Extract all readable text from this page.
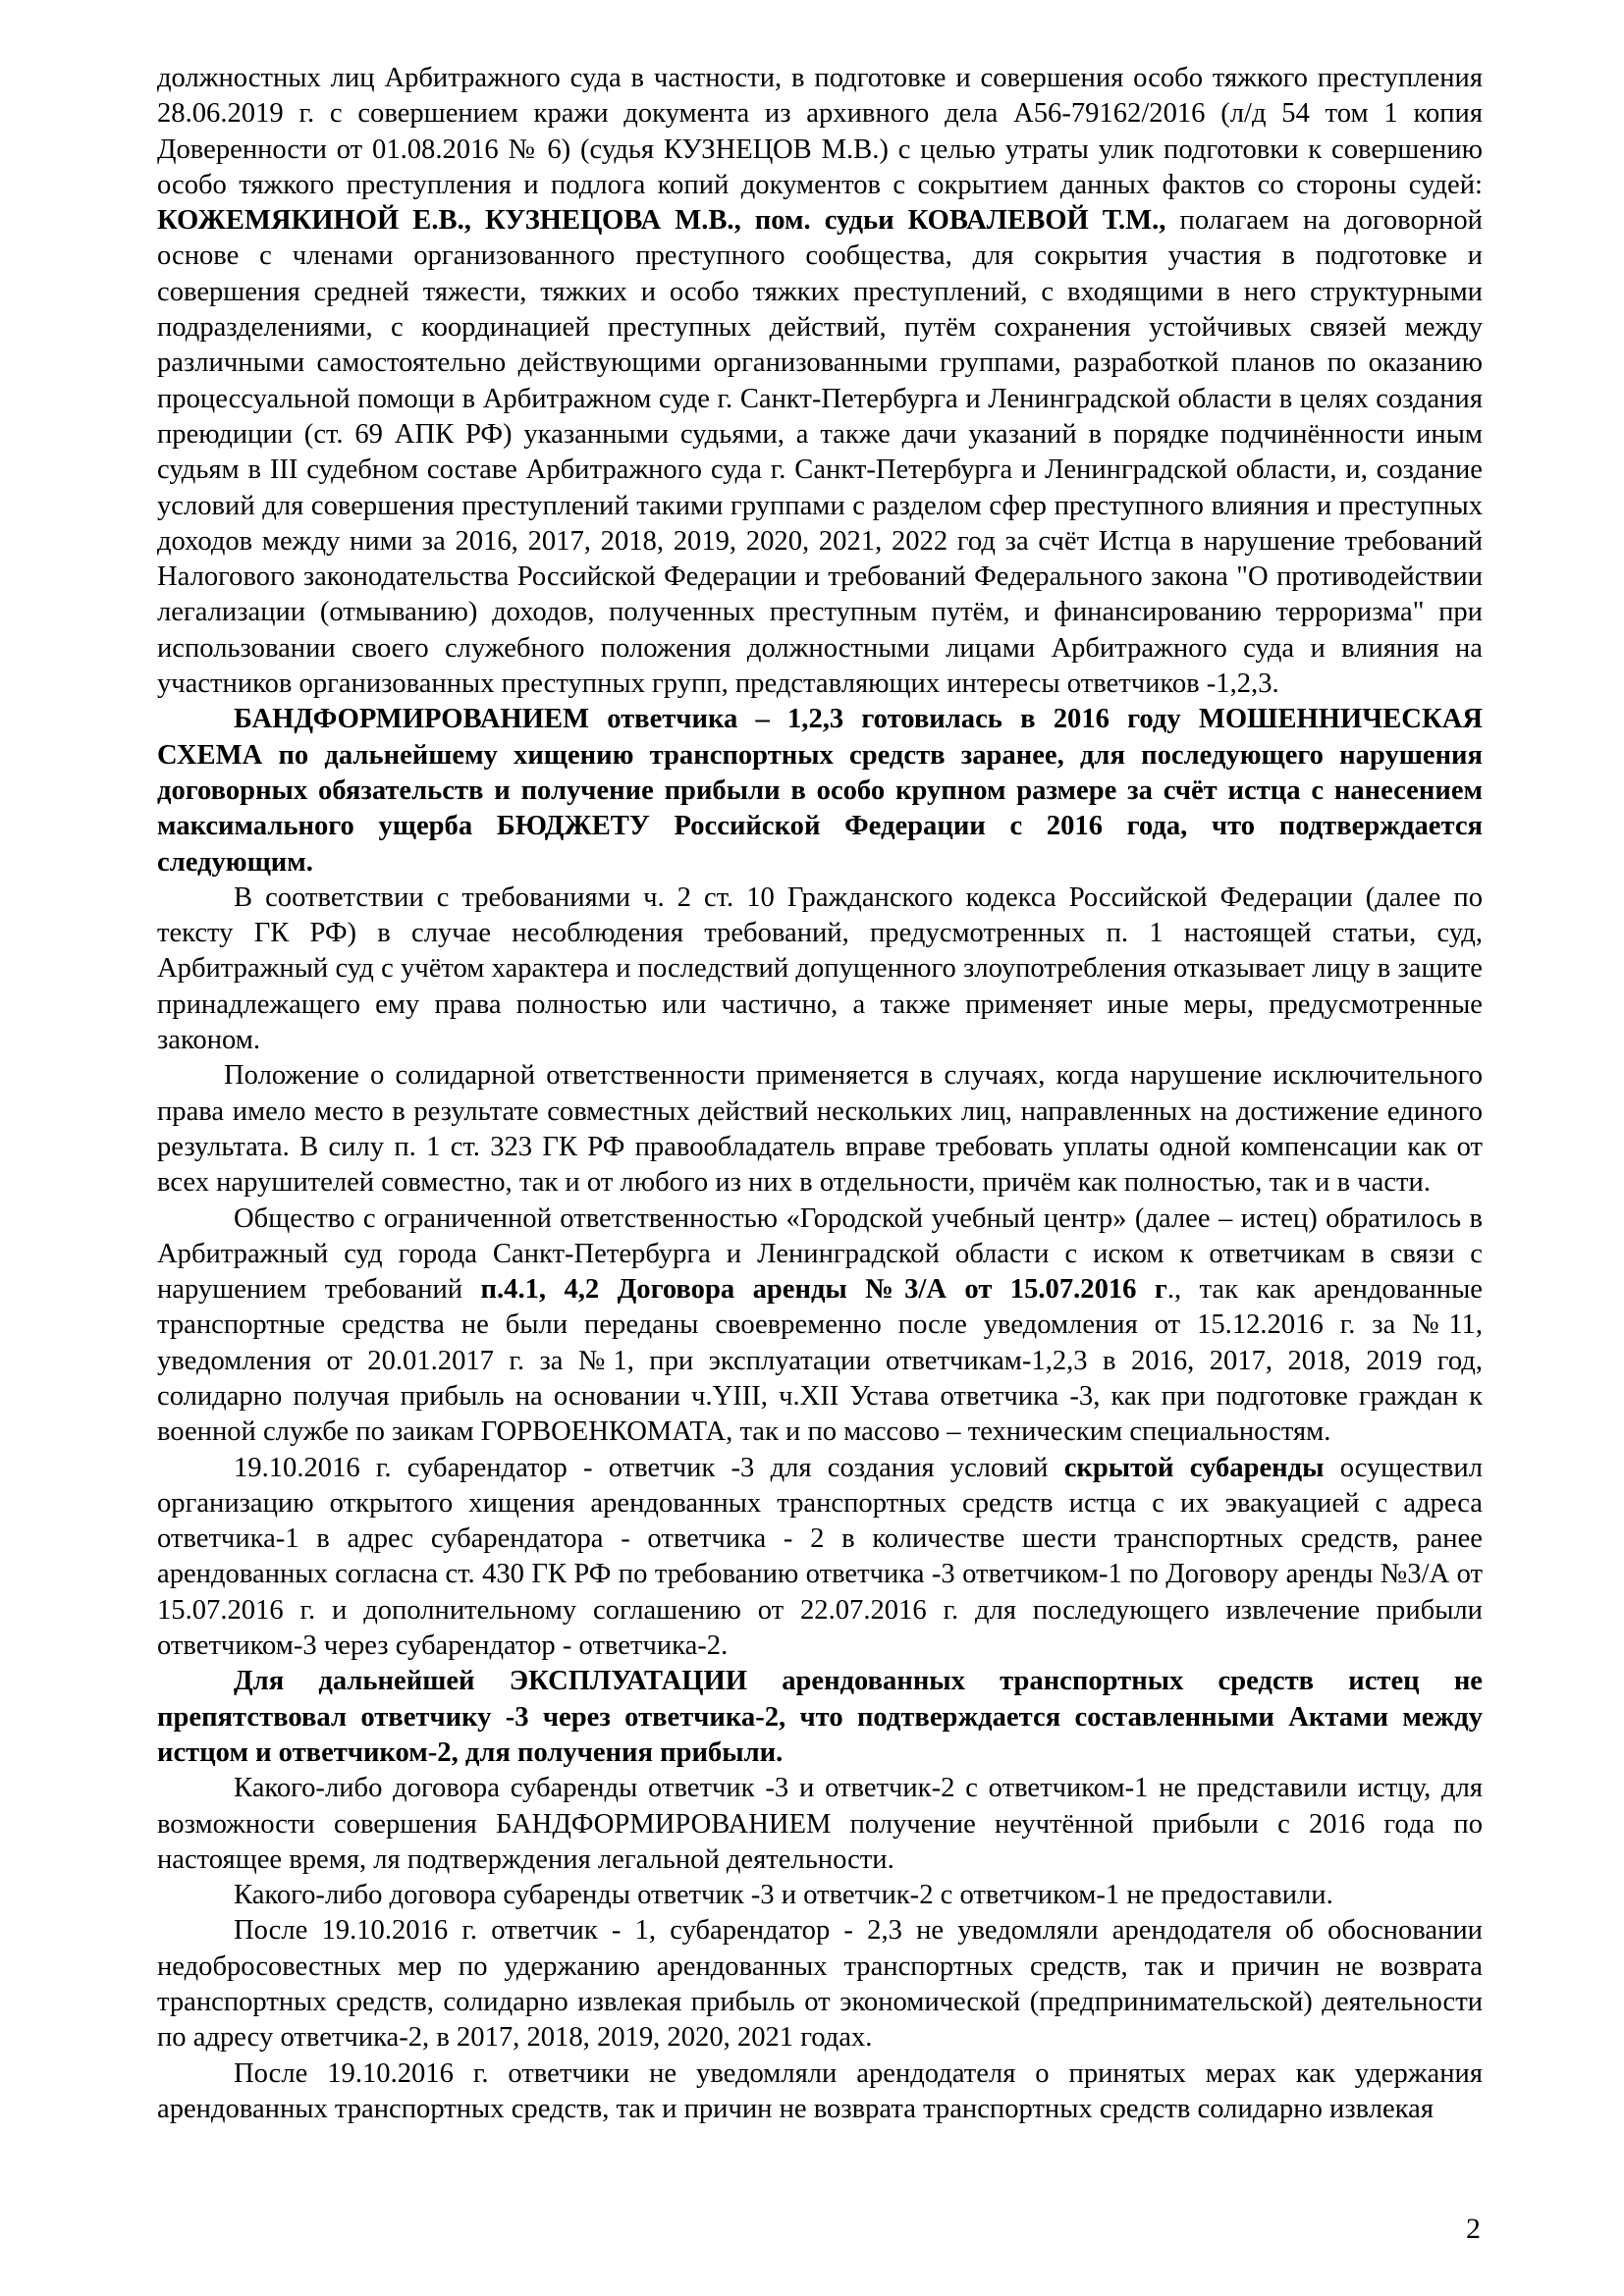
должностных лиц Арбитражного суда в частности, в подготовке и совершения особо тяжкого преступления 28.06.2019 г. с совершением кражи документа из архивного дела А56-79162/2016 (л/д 54 том 1 копия Доверенности от 01.08.2016 № 6) (судья КУЗНЕЦОВ М.В.) с целью утраты улик подготовки к совершению особо тяжкого преступления и подлога копий документов с сокрытием данных фактов со стороны судей: КОЖЕМЯКИНОЙ Е.В., КУЗНЕЦОВА М.В., пом. судьи КОВАЛЕВОЙ Т.М., полагаем на договорной основе с членами организованного преступного сообщества, для сокрытия участия в подготовке и совершения средней тяжести, тяжких и особо тяжких преступлений, с входящими в него структурными подразделениями, с координацией преступных действий, путём сохранения устойчивых связей между различными самостоятельно действующими организованными группами, разработкой планов по оказанию процессуальной помощи в Арбитражном суде г. Санкт-Петербурга и Ленинградской области в целях создания преюдиции (ст. 69 АПК РФ) указанными судьями, а также дачи указаний в порядке подчинённости иным судьям в III судебном составе Арбитражного суда г. Санкт-Петербурга и Ленинградской области, и, создание условий для совершения преступлений такими группами с разделом сфер преступного влияния и преступных доходов между ними за 2016, 2017, 2018, 2019, 2020, 2021, 2022 год за счёт Истца в нарушение требований Налогового законодательства Российской Федерации и требований Федерального закона "О противодействии легализации (отмыванию) доходов, полученных преступным путём, и финансированию терроризма" при использовании своего служебного положения должностными лицами Арбитражного суда и влияния на участников организованных преступных групп, представляющих интересы ответчиков -1,2,3.

БАНДФОРМИРОВАНИЕМ ответчика – 1,2,3 готовилась в 2016 году МОШЕННИЧЕСКАЯ СХЕМА по дальнейшему хищению транспортных средств заранее, для последующего нарушения договорных обязательств и получение прибыли в особо крупном размере за счёт истца с нанесением максимального ущерба БЮДЖЕТУ Российской Федерации с 2016 года, что подтверждается следующим.

В соответствии с требованиями ч. 2 ст. 10 Гражданского кодекса Российской Федерации (далее по тексту ГК РФ) в случае несоблюдения требований, предусмотренных п. 1 настоящей статьи, суд, Арбитражный суд с учётом характера и последствий допущенного злоупотребления отказывает лицу в защите принадлежащего ему права полностью или частично, а также применяет иные меры, предусмотренные законом.

Положение о солидарной ответственности применяется в случаях, когда нарушение исключительного права имело место в результате совместных действий нескольких лиц, направленных на достижение единого результата. В силу п. 1 ст. 323 ГК РФ правообладатель вправе требовать уплаты одной компенсации как от всех нарушителей совместно, так и от любого из них в отдельности, причём как полностью, так и в части.

Общество с ограниченной ответственностью «Городской учебный центр» (далее – истец) обратилось в Арбитражный суд города Санкт-Петербурга и Ленинградской области с иском к ответчикам в связи с нарушением требований п.4.1, 4,2 Договора аренды №3/А от 15.07.2016 г., так как арендованные транспортные средства не были переданы своевременно после уведомления от 15.12.2016 г. за №11, уведомления от 20.01.2017 г. за №1, при эксплуатации ответчикам-1,2,3 в 2016, 2017, 2018, 2019 год, солидарно получая прибыль на основании ч.YIII, ч.XII Устава ответчика -3, как при подготовке граждан к военной службе по заикам ГОРВОЕНКОМАТА, так и по массово – техническим специальностям.

19.10.2016 г. субарендатор - ответчик -3 для создания условий скрытой субаренды осуществил организацию открытого хищения арендованных транспортных средств истца с их эвакуацией с адреса ответчика-1 в адрес субарендатора - ответчика - 2 в количестве шести транспортных средств, ранее арендованных согласна ст. 430 ГК РФ по требованию ответчика -3 ответчиком-1 по Договору аренды №3/А от 15.07.2016 г. и дополнительному соглашению от 22.07.2016 г. для последующего извлечение прибыли ответчиком-3 через субарендатор - ответчика-2.

Для дальнейшей ЭКСПЛУАТАЦИИ арендованных транспортных средств истец не препятствовал ответчику -3 через ответчика-2, что подтверждается составленными Актами между истцом и ответчиком-2, для получения прибыли.

Какого-либо договора субаренды ответчик -3 и ответчик-2 с ответчиком-1 не представили истцу, для возможности совершения БАНДФОРМИРОВАНИЕМ получение неучтённой прибыли с 2016 года по настоящее время, ля подтверждения легальной деятельности.

Какого-либо договора субаренды ответчик -3 и ответчик-2 с ответчиком-1 не предоставили.

После 19.10.2016 г. ответчик - 1, субарендатор - 2,3 не уведомляли арендодателя об обосновании недобросовестных мер по удержанию арендованных транспортных средств, так и причин не возврата транспортных средств, солидарно извлекая прибыль от экономической (предпринимательской) деятельности по адресу ответчика-2, в 2017, 2018, 2019, 2020, 2021 годах.

После 19.10.2016 г. ответчики не уведомляли арендодателя о принятых мерах как удержания арендованных транспортных средств, так и причин не возврата транспортных средств солидарно извлекая

2
